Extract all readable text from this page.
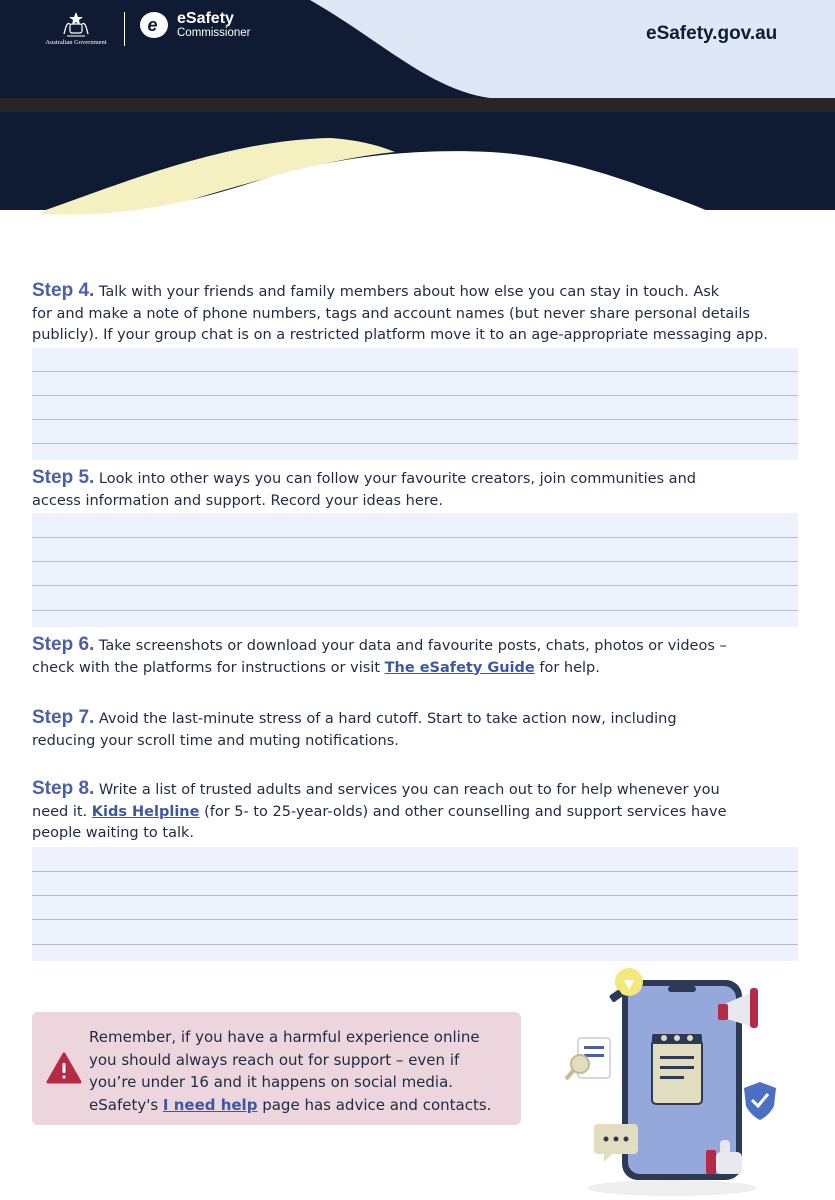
Australian Government
e eSafety
Commissioner	eSafety.gov.au
Step 4. Talk with your friends and family members about how else you can stay in touch. Ask
for and make a note of phone numbers, tags and account names (but never share personal details
publicly). If your group chat is on a restricted platform move it to an age-appropriate messaging app.
Step 5. Look into other ways you can follow your favourite creators, join communities and
access information and support. Record your ideas here.
Step 6. Take screenshots or download your data and favourite posts, chats, photos or videos –
check with the platforms for instructions or visit The eSafety Guide for help.
Step 7. Avoid the last-minute stress of a hard cutoff. Start to take action now, including
reducing your scroll time and muting notifications.
Step 8. Write a list of trusted adults and services you can reach out to for help whenever you
need it. Kids Helpline (for 5- to 25-year-olds) and other counselling and support services have
people waiting to talk.
Remember, if you have a harmful experience online
you should always reach out for support – even if
you’re under 16 and it happens on social media.
eSafety's I need help page has advice and contacts.
